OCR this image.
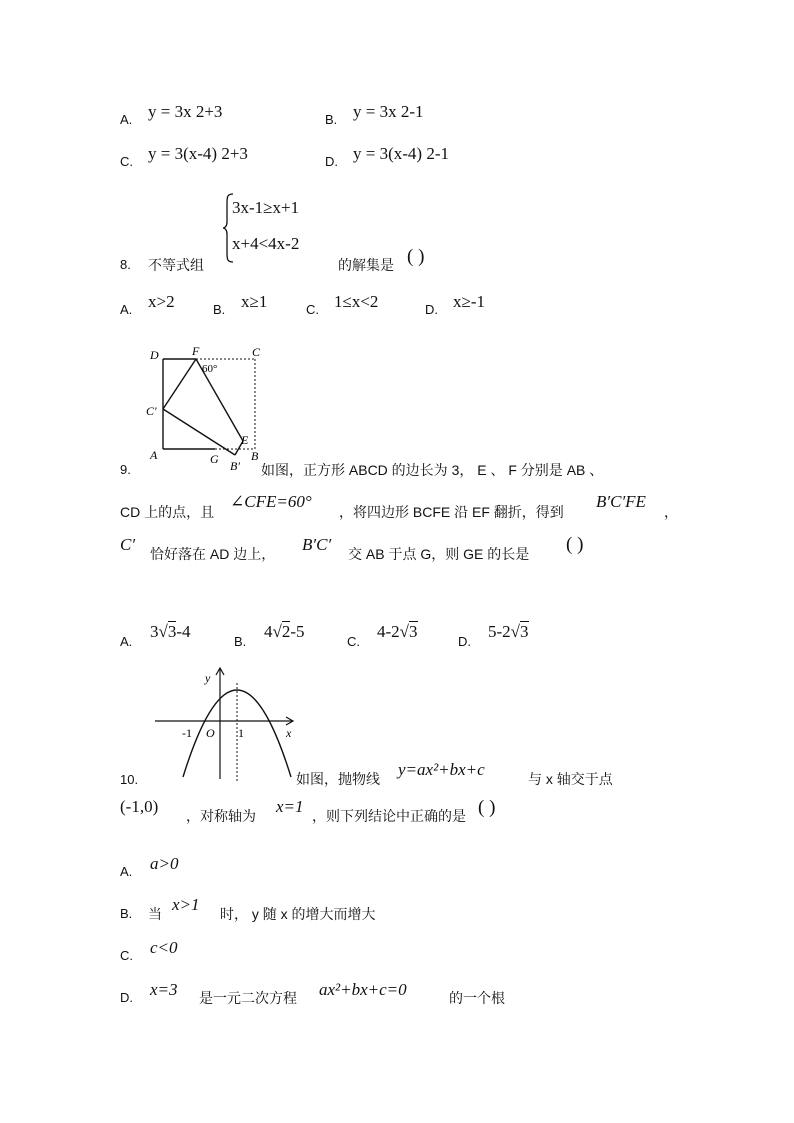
A. y = 3x 2+3	B. y = 3x 2-1
C. y = 3(x-4) 2+3	D. y = 3(x-4) 2-1
8. 不等式组
3x-1≥x+1
x+4<4x-2
的解集是 ( )
A. x>2	B. x≥1	C. 1≤x<2	D. x≥-1
D	F	C
60°
C′
E
A	G B′
B
9.	如图，正方形 ABCD 的边长为 3， E 、 F 分别是 AB 、
CD 上的点，且
∠CFE=60°
，将四边形 BCFE 沿 EF 翻折，得到
B′C′FE
，
C′ 恰好落在 AD 边上， B′C′ 交 AB 于点 G，则 GE 的长是 ( )
A.
3√3-4
B.
4√2-5
C.
4-2√3
D.
5-2√3
y
x
-1 O 1
10.	如图，抛物线 y=ax²+bx+c	与 x 轴交于点
(-1,0) ，对称轴为 x=1 ，则下列结论中正确的是 ( )
A. a>0
B. 当 x>1 时， y 随 x 的增大而增大
C. c<0
D. x=3 是一元二次方程 ax²+bx+c=0	的一个根
